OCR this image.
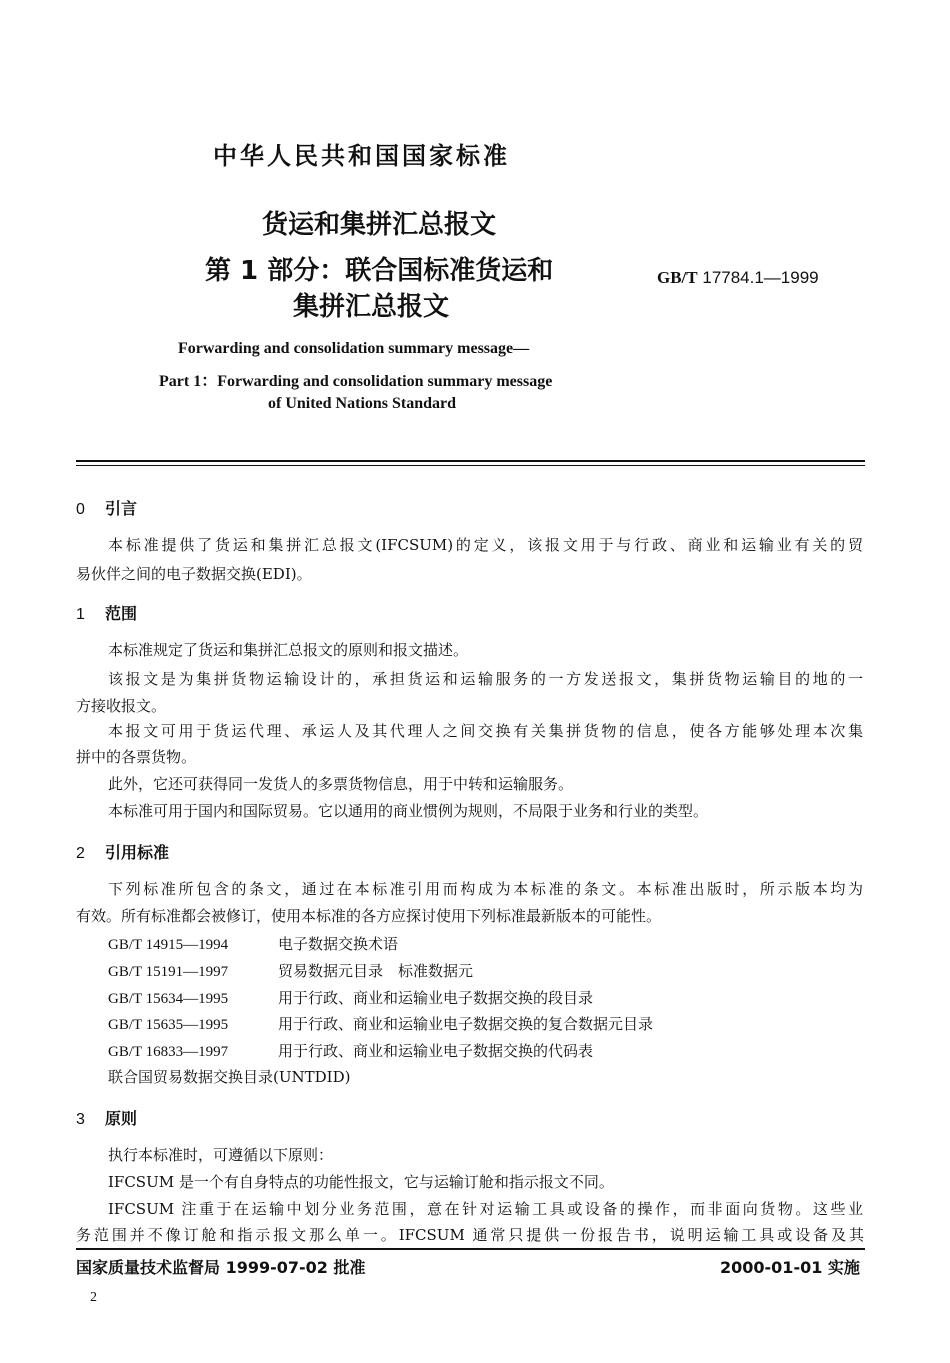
中华人民共和国国家标准
货运和集拼汇总报文
第 1 部分：联合国标准货运和
集拼汇总报文
GB/T 17784.1—1999
Forwarding and consolidation summary message—
Part 1：Forwarding and consolidation summary message
of United Nations Standard
0 引言
本标准提供了货运和集拼汇总报文(IFCSUM)的定义，该报文用于与行政、商业和运输业有关的贸
易伙伴之间的电子数据交换(EDI)。
1 范围
本标准规定了货运和集拼汇总报文的原则和报文描述。
该报文是为集拼货物运输设计的，承担货运和运输服务的一方发送报文，集拼货物运输目的地的一
方接收报文。
本报文可用于货运代理、承运人及其代理人之间交换有关集拼货物的信息，使各方能够处理本次集
拼中的各票货物。
此外，它还可获得同一发货人的多票货物信息，用于中转和运输服务。
本标准可用于国内和国际贸易。它以通用的商业惯例为规则，不局限于业务和行业的类型。
2 引用标准
下列标准所包含的条文，通过在本标准引用而构成为本标准的条文。本标准出版时，所示版本均为
有效。所有标准都会被修订，使用本标准的各方应探讨使用下列标准最新版本的可能性。
GB/T 14915—1994	电子数据交换术语
GB/T 15191—1997	贸易数据元目录　标准数据元
GB/T 15634—1995	用于行政、商业和运输业电子数据交换的段目录
GB/T 15635—1995	用于行政、商业和运输业电子数据交换的复合数据元目录
GB/T 16833—1997	用于行政、商业和运输业电子数据交换的代码表
联合国贸易数据交换目录(UNTDID)
3 原则
执行本标准时，可遵循以下原则：
IFCSUM 是一个有自身特点的功能性报文，它与运输订舱和指示报文不同。
IFCSUM 注重于在运输中划分业务范围，意在针对运输工具或设备的操作，而非面向货物。这些业
务范围并不像订舱和指示报文那么单一。IFCSUM 通常只提供一份报告书，说明运输工具或设备及其
国家质量技术监督局 1999-07-02 批准	2000-01-01 实施
2
